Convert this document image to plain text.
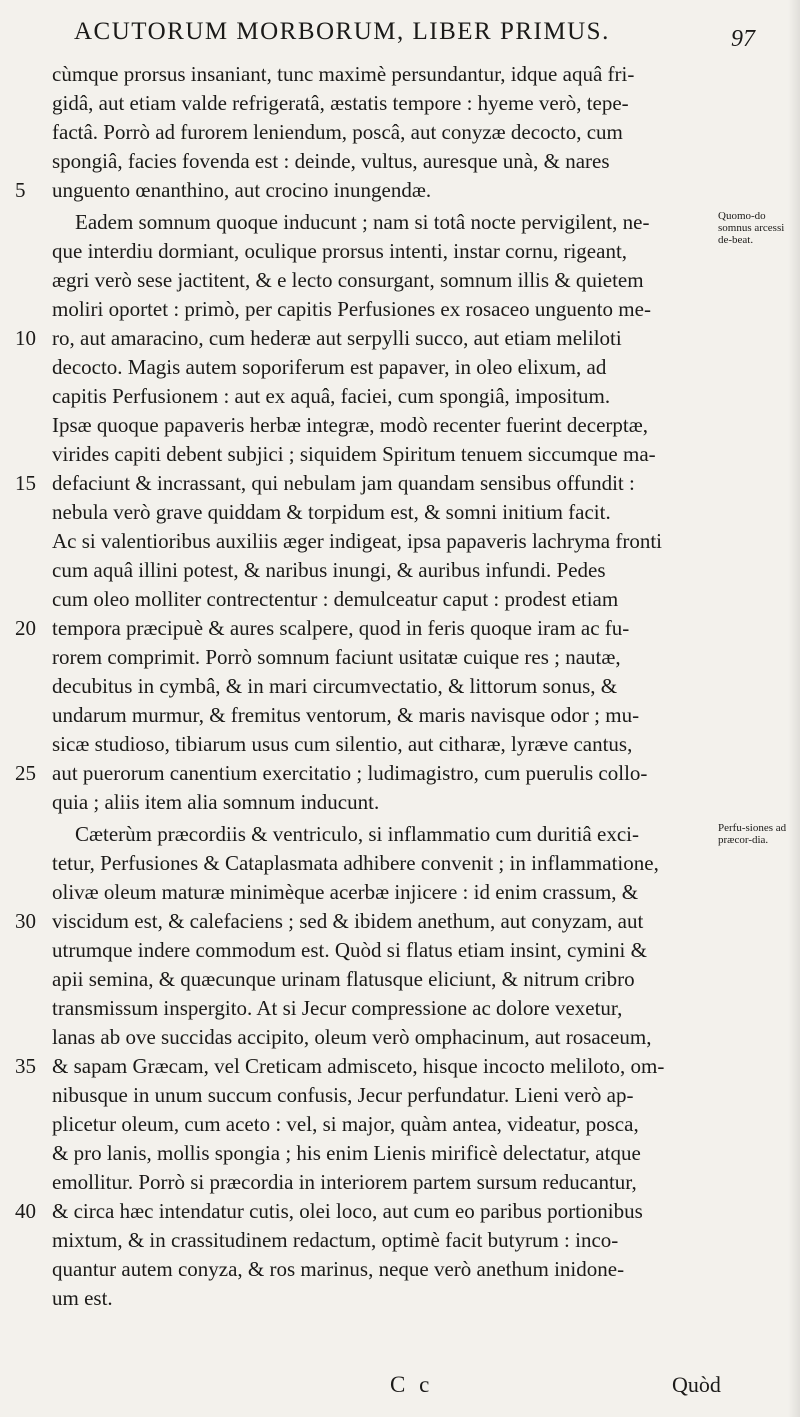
ACUTORUM MORBORUM, LIBER PRIMUS.	97
cùmque prorsus insaniant, tunc maximè persundantur, idque aquâ fri-
gidâ, aut etiam valde refrigeratâ, æstatis tempore : hyeme verò, tepe-
factâ. Porrò ad furorem leniendum, poscâ, aut conyzæ decocto, cum
spongiâ, facies fovenda est : deinde, vultus, auresque unà, & nares
5	unguento œnanthino, aut crocino inungendæ.
Eadem somnum quoque inducunt ; nam si totâ nocte pervigilent, ne-
que interdiu dormiant, oculique prorsus intenti, instar cornu, rigeant,
ægri verò sese jactitent, & e lecto consurgant, somnum illis & quietem
moliri oportet : primò, per capitis Perfusiones ex rosaceo unguento me-
10 ro, aut amaracino, cum hederæ aut serpylli succo, aut etiam meliloti
decocto. Magis autem soporiferum est papaver, in oleo elixum, ad
capitis Perfusionem : aut ex aquâ, faciei, cum spongiâ, impositum.
Ipsæ quoque papaveris herbæ integræ, modò recenter fuerint decerptæ,
virides capiti debent subjici ; siquidem Spiritum tenuem siccumque ma-
15 defaciunt & incrassant, qui nebulam jam quandam sensibus offundit :
nebula verò grave quiddam & torpidum est, & somni initium facit.
Ac si valentioribus auxiliis æger indigeat, ipsa papaveris lachryma fronti
cum aquâ illini potest, & naribus inungi, & auribus infundi. Pedes
cum oleo molliter contrectentur : demulceatur caput : prodest etiam
20 tempora præcipuè & aures scalpere, quod in feris quoque iram ac fu-
rorem comprimit. Porrò somnum faciunt usitatæ cuique res ; nautæ,
decubitus in cymbâ, & in mari circumvectatio, & littorum sonus, &
undarum murmur, & fremitus ventorum, & maris navisque odor ; mu-
sicæ studioso, tibiarum usus cum silentio, aut citharæ, lyræve cantus,
25 aut puerorum canentium exercitatio ; ludimagistro, cum puerulis collo-
quia ; aliis item alia somnum inducunt.
Cæterùm præcordiis & ventriculo, si inflammatio cum duritiâ exci-
tetur, Perfusiones & Cataplasmata adhibere convenit ; in inflammatione,
olivæ oleum maturæ minimèque acerbæ injicere : id enim crassum, &
30 viscidum est, & calefaciens ; sed & ibidem anethum, aut conyzam, aut
utrumque indere commodum est. Quòd si flatus etiam insint, cymini &
apii semina, & quæcunque urinam flatusque eliciunt, & nitrum cribro
transmissum inspergito. At si Jecur compressione ac dolore vexetur,
lanas ab ove succidas accipito, oleum verò omphacinum, aut rosaceum,
35 & sapam Græcam, vel Creticam admisceto, hisque incocto meliloto, om-
nibusque in unum succum confusis, Jecur perfundatur. Lieni verò ap-
plicetur oleum, cum aceto : vel, si major, quàm antea, videatur, posca,
& pro lanis, mollis spongia ; his enim Lienis mirificè delectatur, atque
emollitur. Porrò si præcordia in interiorem partem sursum reducantur,
40 & circa hæc intendatur cutis, olei loco, aut cum eo paribus portionibus
mixtum, & in crassitudinem redactum, optimè facit butyrum : inco-
quantur autem conyza, & ros marinus, neque verò anethum inidone-
um est.
C c	Quòd
Quomo-do somnus arcessi de-beat.
Perfu-siones ad præcor-dia.
